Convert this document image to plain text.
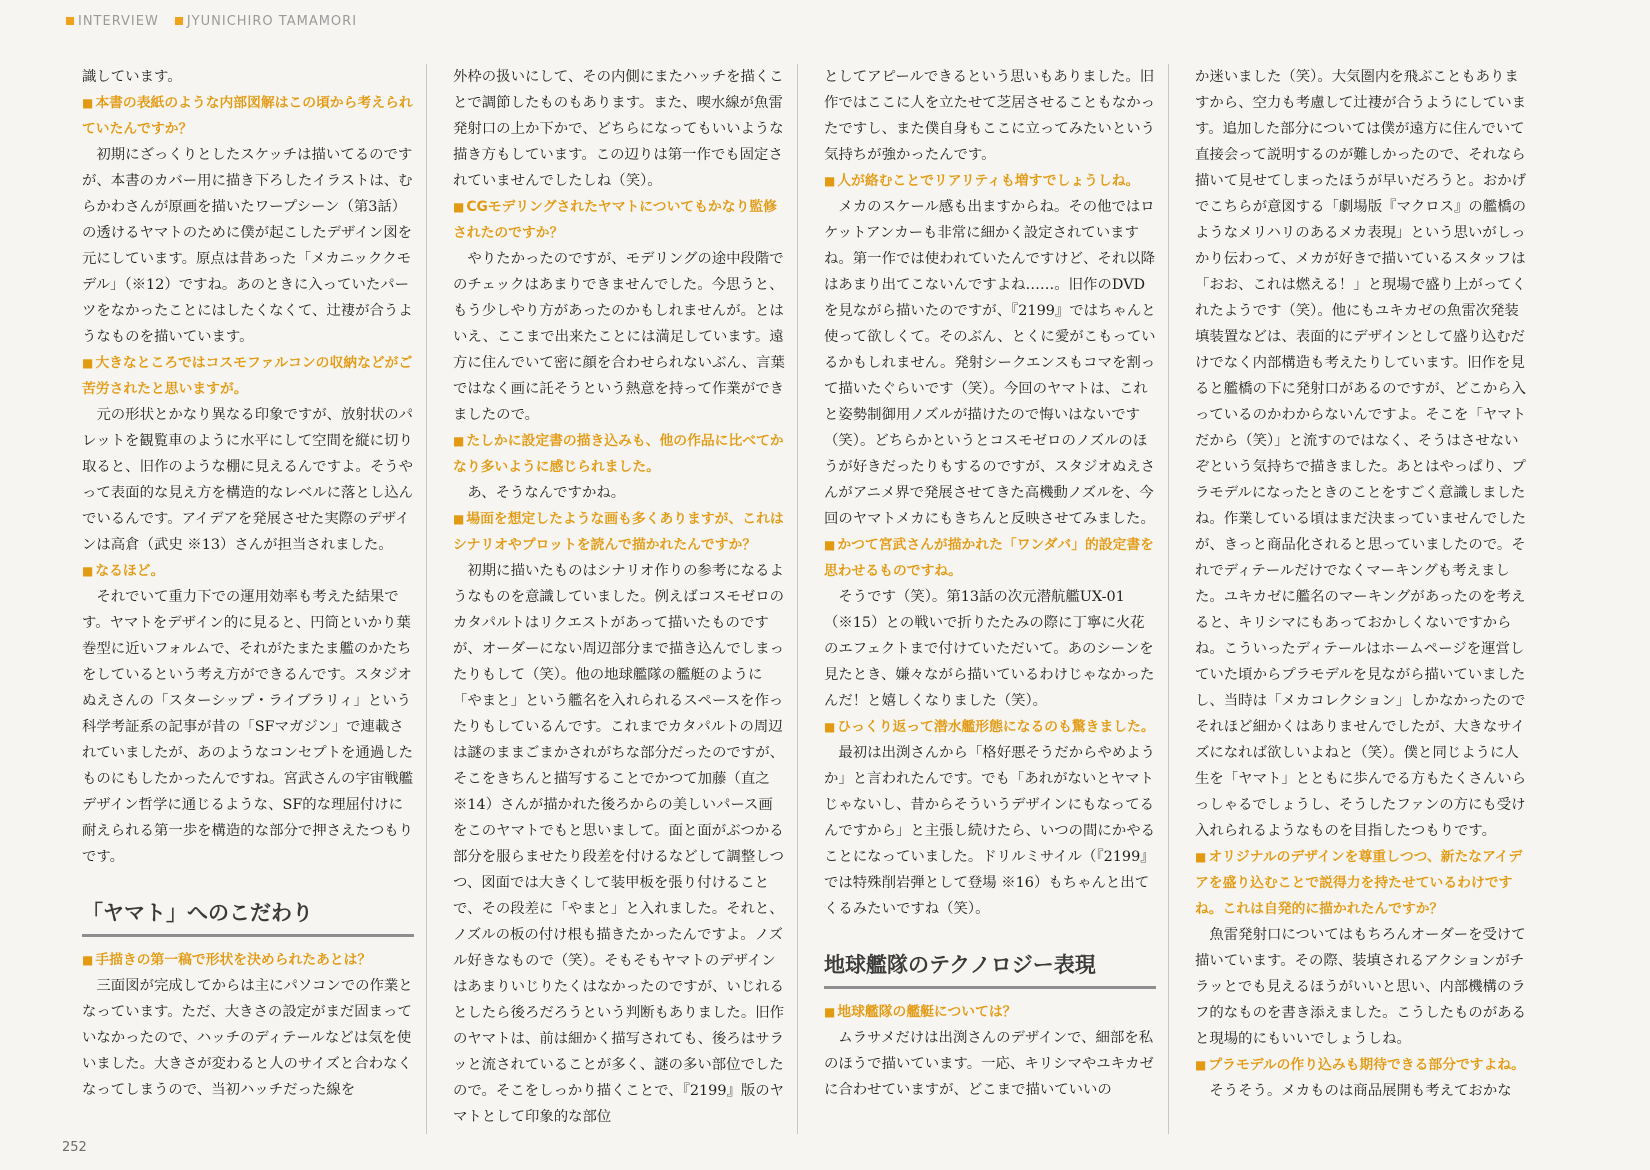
INTERVIEW	JYUNICHIRO TAMAMORI

識しています。

■ 本書の表紙のような内部図解はこの頃から考えられていたんですか？

初期にざっくりとしたスケッチは描いてるのですが、本書のカバー用に描き下ろしたイラストは、むらかわさんが原画を描いたワープシーン（第3話）の透けるヤマトのために僕が起こしたデザイン図を元にしています。原点は昔あった「メカニッククモデル」（※12）ですね。あのときに入っていたパーツをなかったことにはしたくなくて、辻褄が合うようなものを描いています。

■ 大きなところではコスモファルコンの収納などがご苦労されたと思いますが。

元の形状とかなり異なる印象ですが、放射状のパレットを観覧車のように水平にして空間を縦に切り取ると、旧作のような棚に見えるんですよ。そうやって表面的な見え方を構造的なレベルに落とし込んでいるんです。アイデアを発展させた実際のデザインは高倉（武史 ※13）さんが担当されました。

■ なるほど。

それでいて重力下での運用効率も考えた結果です。ヤマトをデザイン的に見ると、円筒といかり葉巻型に近いフォルムで、それがたまたま艦のかたちをしているという考え方ができるんです。スタジオぬえさんの「スターシップ・ライブラリィ」という科学考証系の記事が昔の「SFマガジン」で連載されていましたが、あのようなコンセプトを通過したものにもしたかったんですね。宮武さんの宇宙戦艦デザイン哲学に通じるような、SF的な理屈付けに耐えられる第一歩を構造的な部分で押さえたつもりです。

「ヤマト」へのこだわり

■ 手描きの第一稿で形状を決められたあとは？

三面図が完成してからは主にパソコンでの作業となっています。ただ、大きさの設定がまだ固まっていなかったので、ハッチのディテールなどは気を使いました。大きさが変わると人のサイズと合わなくなってしまうので、当初ハッチだった線を

外枠の扱いにして、その内側にまたハッチを描くことで調節したものもあります。また、喫水線が魚雷発射口の上か下かで、どちらになってもいいような描き方もしています。この辺りは第一作でも固定されていませんでしたしね（笑）。

■ CGモデリングされたヤマトについてもかなり監修されたのですか？

やりたかったのですが、モデリングの途中段階でのチェックはあまりできませんでした。今思うと、もう少しやり方があったのかもしれませんが。とはいえ、ここまで出来たことには満足しています。遠方に住んでいて密に顔を合わせられないぶん、言葉ではなく画に託そうという熱意を持って作業ができましたので。

■ たしかに設定書の描き込みも、他の作品に比べてかなり多いように感じられました。

あ、そうなんですかね。

■ 場面を想定したような画も多くありますが、これはシナリオやプロットを読んで描かれたんですか？

初期に描いたものはシナリオ作りの参考になるようなものを意識していました。例えばコスモゼロのカタパルトはリクエストがあって描いたものですが、オーダーにない周辺部分まで描き込んでしまったりもして（笑）。他の地球艦隊の艦艇のように「やまと」という艦名を入れられるスペースを作ったりもしているんです。これまでカタパルトの周辺は謎のままごまかされがちな部分だったのですが、そこをきちんと描写することでかつて加藤（直之 ※14）さんが描かれた後ろからの美しいパース画をこのヤマトでもと思いまして。面と面がぶつかる部分を服らませたり段差を付けるなどして調整しつつ、図面では大きくして装甲板を張り付けることで、その段差に「やまと」と入れました。それと、ノズルの板の付け根も描きたかったんですよ。ノズル好きなもので（笑）。そもそもヤマトのデザインはあまりいじりたくはなかったのですが、いじれるとしたら後ろだろうという判断もありました。旧作のヤマトは、前は細かく描写されても、後ろはサラッと流されていることが多く、謎の多い部位でしたので。そこをしっかり描くことで、『2199』版のヤマトとして印象的な部位

としてアピールできるという思いもありました。旧作ではここに人を立たせて芝居させることもなかったですし、また僕自身もここに立ってみたいという気持ちが強かったんです。

■ 人が絡むことでリアリティも増すでしょうしね。

メカのスケール感も出ますからね。その他ではロケットアンカーも非常に細かく設定されていますね。第一作では使われていたんですけど、それ以降はあまり出てこないんですよね……。旧作のDVDを見ながら描いたのですが、『2199』ではちゃんと使って欲しくて。そのぶん、とくに愛がこもっているかもしれません。発射シークエンスもコマを割って描いたぐらいです（笑）。今回のヤマトは、これと姿勢制御用ノズルが描けたので悔いはないです（笑）。どちらかというとコスモゼロのノズルのほうが好きだったりもするのですが、スタジオぬえさんがアニメ界で発展させてきた高機動ノズルを、今回のヤマトメカにもきちんと反映させてみました。

■ かつて宮武さんが描かれた「ワンダバ」的設定書を思わせるものですね。

そうです（笑）。第13話の次元潜航艦UX-01（※15）との戦いで折りたたみの際に丁寧に火花のエフェクトまで付けていただいて。あのシーンを見たとき、嫌々ながら描いているわけじゃなかったんだ！と嬉しくなりました（笑）。

■ ひっくり返って潜水艦形態になるのも驚きました。

最初は出渕さんから「格好悪そうだからやめようか」と言われたんです。でも「あれがないとヤマトじゃないし、昔からそういうデザインにもなってるんですから」と主張し続けたら、いつの間にかやることになっていました。ドリルミサイル（『2199』では特殊削岩弾として登場 ※16）もちゃんと出てくるみたいですね（笑）。

地球艦隊のテクノロジー表現

■ 地球艦隊の艦艇については？

ムラサメだけは出渕さんのデザインで、細部を私のほうで描いています。一応、キリシマやユキカゼに合わせていますが、どこまで描いていいの

か迷いました（笑）。大気圏内を飛ぶこともありますから、空力も考慮して辻褄が合うようにしています。追加した部分については僕が遠方に住んでいて直接会って説明するのが難しかったので、それなら描いて見せてしまったほうが早いだろうと。おかげでこちらが意図する「劇場版『マクロス』の艦橋のようなメリハリのあるメカ表現」という思いがしっかり伝わって、メカが好きで描いているスタッフは「おお、これは燃える！」と現場で盛り上がってくれたようです（笑）。他にもユキカゼの魚雷次発装填装置などは、表面的にデザインとして盛り込むだけでなく内部構造も考えたりしています。旧作を見ると艦橋の下に発射口があるのですが、どこから入っているのかわからないんですよ。そこを「ヤマトだから（笑）」と流すのではなく、そうはさせないぞという気持ちで描きました。あとはやっぱり、プラモデルになったときのことをすごく意識しましたね。作業している頃はまだ決まっていませんでしたが、きっと商品化されると思っていましたので。それでディテールだけでなくマーキングも考えました。ユキカゼに艦名のマーキングがあったのを考えると、キリシマにもあっておかしくないですからね。こういったディテールはホームページを運営していた頃からプラモデルを見ながら描いていましたし、当時は「メカコレクション」しかなかったのでそれほど細かくはありませんでしたが、大きなサイズになれば欲しいよねと（笑）。僕と同じように人生を「ヤマト」とともに歩んでる方もたくさんいらっしゃるでしょうし、そうしたファンの方にも受け入れられるようなものを目指したつもりです。

■ オリジナルのデザインを尊重しつつ、新たなアイデアを盛り込むことで説得力を持たせているわけですね。これは自発的に描かれたんですか？

魚雷発射口についてはもちろんオーダーを受けて描いています。その際、装填されるアクションがチラッとでも見えるほうがいいと思い、内部機構のラフ的なものを書き添えました。こうしたものがあると現場的にもいいでしょうしね。

■ プラモデルの作り込みも期待できる部分ですよね。

そうそう。メカものは商品展開も考えておかな

252
